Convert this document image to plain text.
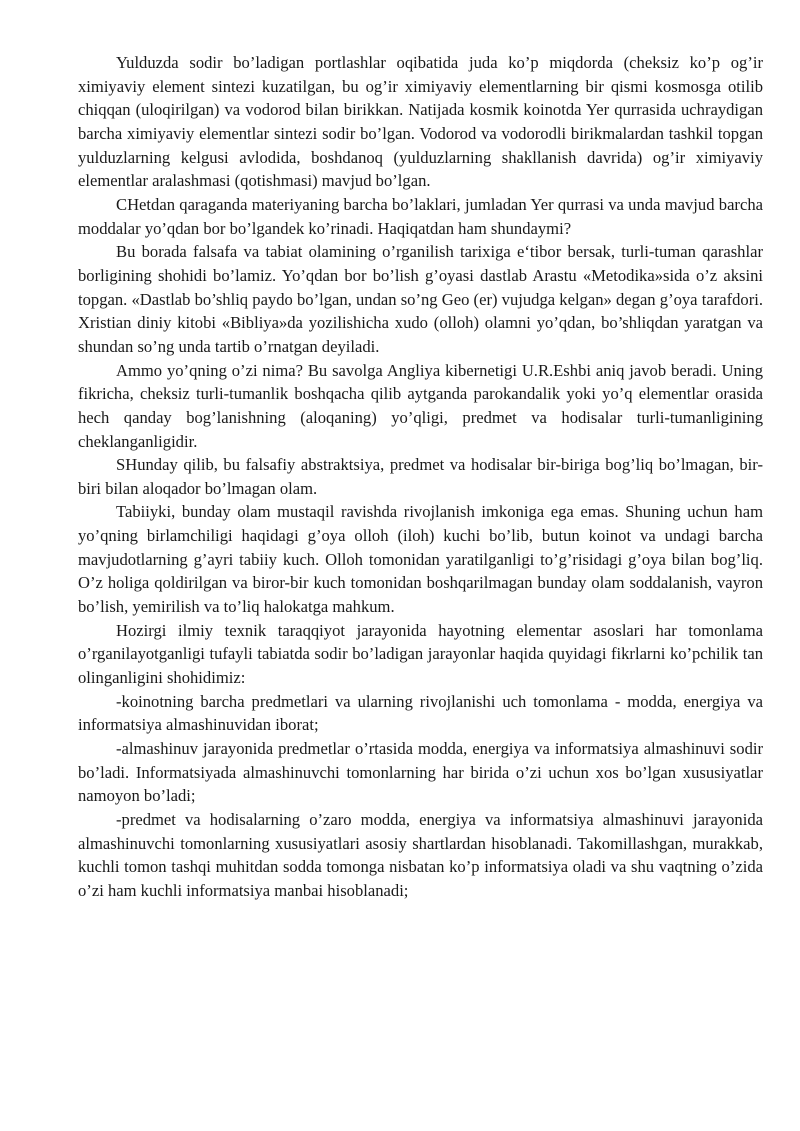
Yulduzda sodir bo’ladigan portlashlar oqibatida juda ko’p miqdorda (cheksiz ko’p og’ir ximiyaviy element sintezi kuzatilgan, bu og’ir ximiyaviy elementlarning bir qismi kosmosga otilib chiqqan (uloqirilgan) va vodorod bilan birikkan. Natijada kosmik koinotda Yer qurrasida uchraydigan barcha ximiyaviy elementlar sintezi sodir bo’lgan. Vodorod va vodorodli birikmalardan tashkil topgan yulduzlarning kelgusi avlodida, boshdanoq (yulduzlarning shakllanish davrida) og’ir ximiyaviy elementlar aralashmasi (qotishmasi) mavjud bo’lgan.

CHetdan qaraganda materiyaning barcha bo’laklari, jumladan Yer qurrasi va unda mavjud barcha moddalar yo’qdan bor bo’lgandek ko’rinadi. Haqiqatdan ham shundaymi?

Bu borada falsafa va tabiat olamining o’rganilish tarixiga e‘tibor bersak, turli-tuman qarashlar borligining shohidi bo’lamiz. Yo’qdan bor bo’lish g’oyasi dastlab Arastu «Metodika»sida o’z aksini topgan. «Dastlab bo’shliq paydo bo’lgan, undan so’ng Geo (er) vujudga kelgan» degan g’oya tarafdori. Xristian diniy kitobi «Bibliya»da yozilishicha xudo (olloh) olamni yo’qdan, bo’shliqdan yaratgan va shundan so’ng unda tartib o’rnatgan deyiladi.

Ammo yo’qning o’zi nima? Bu savolga Angliya kibernetigi U.R.Eshbi aniq javob beradi. Uning fikricha, cheksiz turli-tumanlik boshqacha qilib aytganda parokandalik yoki yo’q elementlar orasida hech qanday bog’lanishning (aloqaning) yo’qligi, predmet va hodisalar turli-tumanligining cheklanganligidir.

SHunday qilib, bu falsafiy abstraktsiya, predmet va hodisalar bir-biriga bog’liq bo’lmagan, bir-biri bilan aloqador bo’lmagan olam.

Tabiiyki, bunday olam mustaqil ravishda rivojlanish imkoniga ega emas. Shuning uchun ham yo’qning birlamchiligi haqidagi g’oya olloh (iloh) kuchi bo’lib, butun koinot va undagi barcha mavjudotlarning g’ayri tabiiy kuch. Olloh tomonidan yaratilganligi to’g’risidagi g’oya bilan bog’liq. O’z holiga qoldirilgan va biror-bir kuch tomonidan boshqarilmagan bunday olam soddalanish, vayron bo’lish, yemirilish va to’liq halokatga mahkum.

Hozirgi ilmiy texnik taraqqiyot jarayonida hayotning elementar asoslari har tomonlama o’rganilayotganligi tufayli tabiatda sodir bo’ladigan jarayonlar haqida quyidagi fikrlarni ko’pchilik tan olinganligini shohidimiz:

-koinotning barcha predmetlari va ularning rivojlanishi uch tomonlama - modda, energiya va informatsiya almashinuvidan iborat;

-almashinuv jarayonida predmetlar o’rtasida modda, energiya va informatsiya almashinuvi sodir bo’ladi. Informatsiyada almashinuvchi tomonlarning har birida o’zi uchun xos bo’lgan xususiyatlar namoyon bo’ladi;

-predmet va hodisalarning o’zaro modda, energiya va informatsiya almashinuvi jarayonida almashinuvchi tomonlarning xususiyatlari asosiy shartlardan hisoblanadi. Takomillashgan, murakkab, kuchli tomon tashqi muhitdan sodda tomonga nisbatan ko’p informatsiya oladi va shu vaqtning o’zida o’zi ham kuchli informatsiya manbai hisoblanadi;
